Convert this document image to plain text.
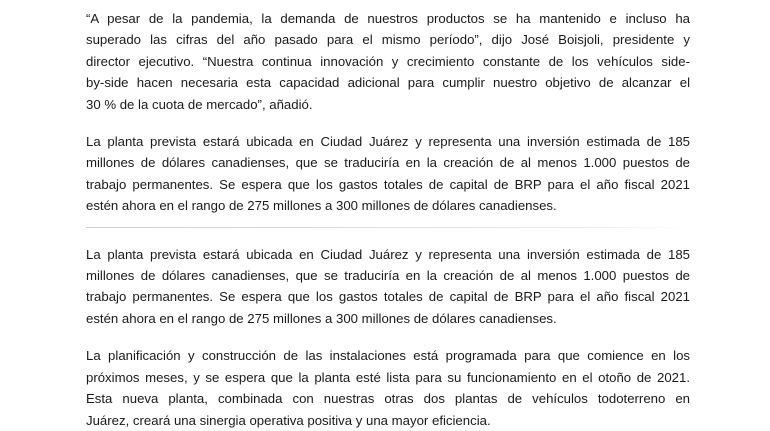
“A pesar de la pandemia, la demanda de nuestros productos se ha mantenido e incluso ha
superado las cifras del año pasado para el mismo período”, dijo José Boisjoli, presidente y
director ejecutivo. “Nuestra continua innovación y crecimiento constante de los vehículos side-
by-side hacen necesaria esta capacidad adicional para cumplir nuestro objetivo de alcanzar el
30 % de la cuota de mercado”, añadió.

La planta prevista estará ubicada en Ciudad Juárez y representa una inversión estimada de 185
millones de dólares canadienses, que se traduciría en la creación de al menos 1.000 puestos de
trabajo permanentes. Se espera que los gastos totales de capital de BRP para el año fiscal 2021
estén ahora en el rango de 275 millones a 300 millones de dólares canadienses.

La planta prevista estará ubicada en Ciudad Juárez y representa una inversión estimada de 185
millones de dólares canadienses, que se traduciría en la creación de al menos 1.000 puestos de
trabajo permanentes. Se espera que los gastos totales de capital de BRP para el año fiscal 2021
estén ahora en el rango de 275 millones a 300 millones de dólares canadienses.

La planificación y construcción de las instalaciones está programada para que comience en los
próximos meses, y se espera que la planta esté lista para su funcionamiento en el otoño de 2021.
Esta nueva planta, combinada con nuestras otras dos plantas de vehículos todoterreno en
Juárez, creará una sinergia operativa positiva y una mayor eficiencia.
